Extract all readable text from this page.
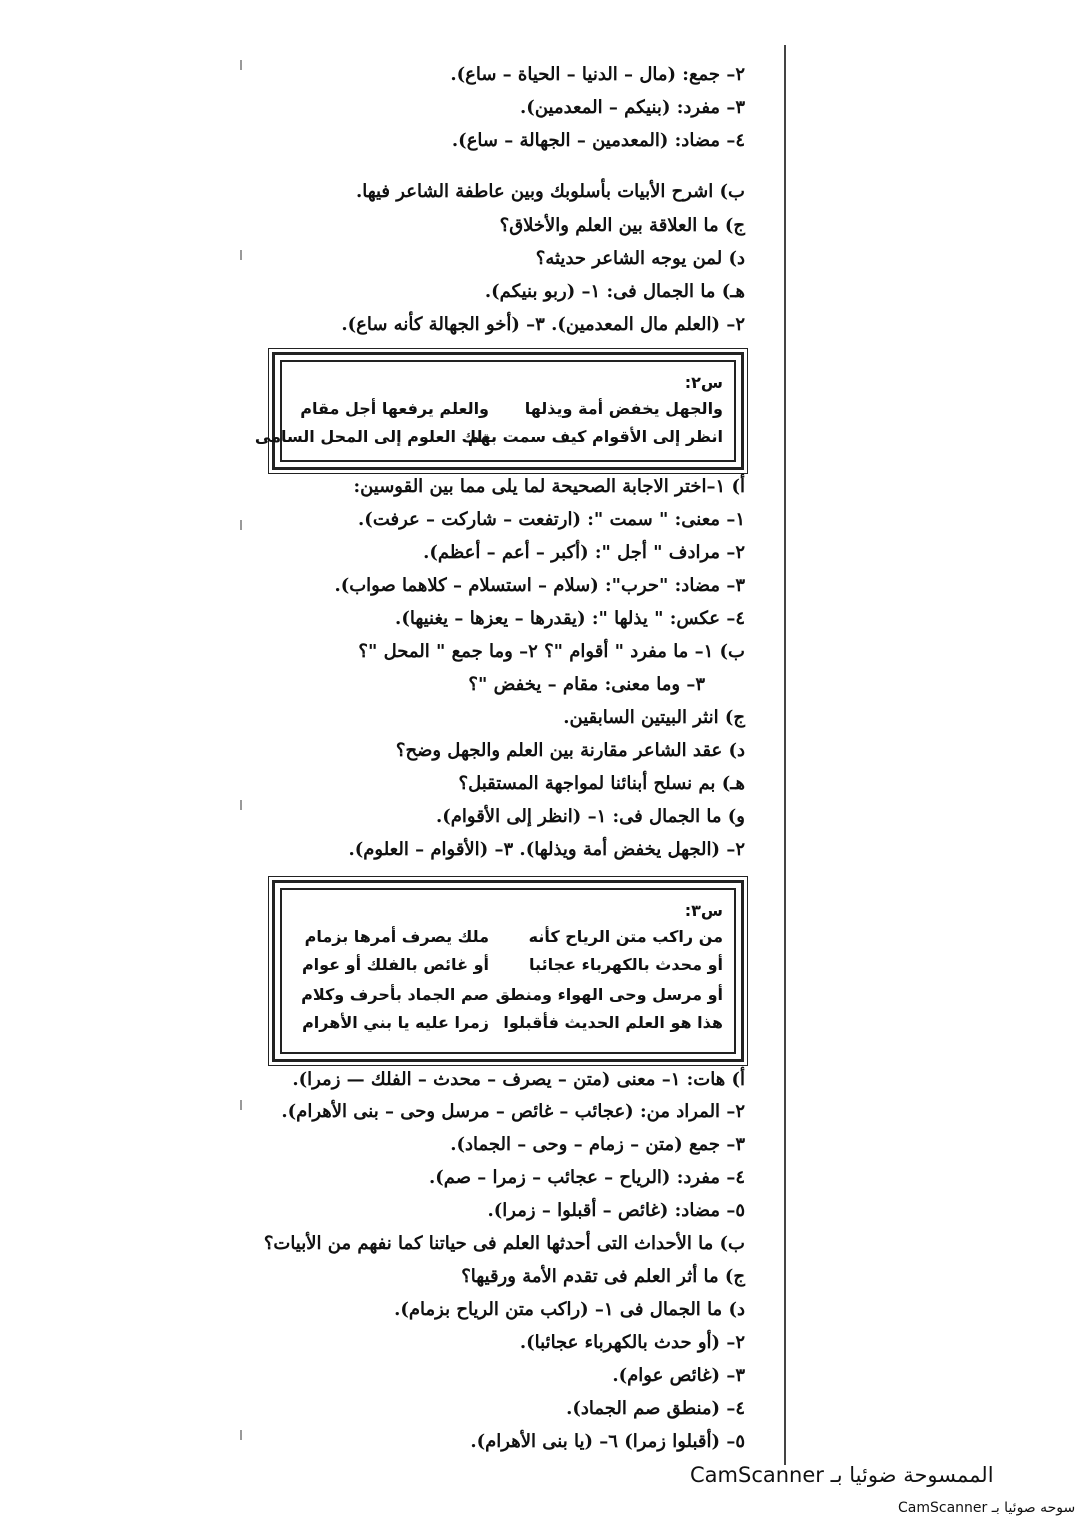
٢– جمع: (مال – الدنيا – الحياة – ساع).
٣– مفرد: (بنيكم – المعدمين).
٤– مضاد: (المعدمين – الجهالة – ساع).
ب) اشرح الأبيات بأسلوبك وبين عاطفة الشاعر فيها.
ج) ما العلاقة بين العلم والأخلاق؟
د) لمن يوجه الشاعر حديثه؟
هـ) ما الجمال فى: ١– (ربو بنيكم).
٢– (العلم مال المعدمين). ٣– (أخو الجهالة كأنه ساع).
س٢:
والجهل يخفض أمة ويذلها
والعلم يرفعها أجل مقام
انظر إلى الأقوام كيف سمت بهم
تلك العلوم إلى المحل السامى
أ) ١–اختر الاجابة الصحيحة لما يلى مما بين القوسين:
١– معنى: " سمت ": (ارتفعت – شاركت – عرفت).
٢– مرادف " أجل ": (أكبر – أعم – أعظم).
٣– مضاد: "حرب": (سلام – استسلام – كلاهما صواب).
٤– عكس: " يذلها ": (يقدرها – يعزها – يغنيها).
ب) ١– ما مفرد " أقوام "؟ ٢– وما جمع " المحل "؟
٣– وما معنى: مقام – يخفض "؟
ج) انثر البيتين السابقين.
د) عقد الشاعر مقارنة بين العلم والجهل وضح؟
هـ) بم نسلح أبنائنا لمواجهة المستقبل؟
و) ما الجمال فى: ١– (انظر إلى الأقوام).
٢– (الجهل يخفض أمة ويذلها). ٣– (الأقوام – العلوم).
س٣:
من راكب متن الرياح كأنه
ملك يصرف أمرها بزمام
أو محدث بالكهرباء عجائبا
أو غائص بالفلك أو عوام
أو مرسل وحى الهواء ومنطق
صم الجماد بأحرف وكلام
هذا هو العلم الحديث فأقبلوا
زمرا عليه يا بني الأهرام
أ) هات: ١– معنى (متن – يصرف – محدث – الفلك — زمرا).
٢– المراد من: (عجائب – غائص – مرسل وحى – بنى الأهرام).
٣– جمع (متن – زمام – وحى – الجماد).
٤– مفرد: (الرياح – عجائب – زمرا – صم).
٥– مضاد: (غائص – أقبلوا – زمرا).
ب) ما الأحداث التى أحدثها العلم فى حياتنا كما نفهم من الأبيات؟
ج) ما أثر العلم فى تقدم الأمة ورقيها؟
د) ما الجمال فى ١– (راكب متن الرياح بزمام).
٢– (أو حدث بالكهرباء عجائبا).
٣– (غائص عوام).
٤– (منطق صم الجماد).
٥– (أقبلوا زمرا) ٦– (يا بنى الأهرام).
الممسوحة ضوئيا بـ CamScanner
سوحه صوئيا بـ CamScanner
